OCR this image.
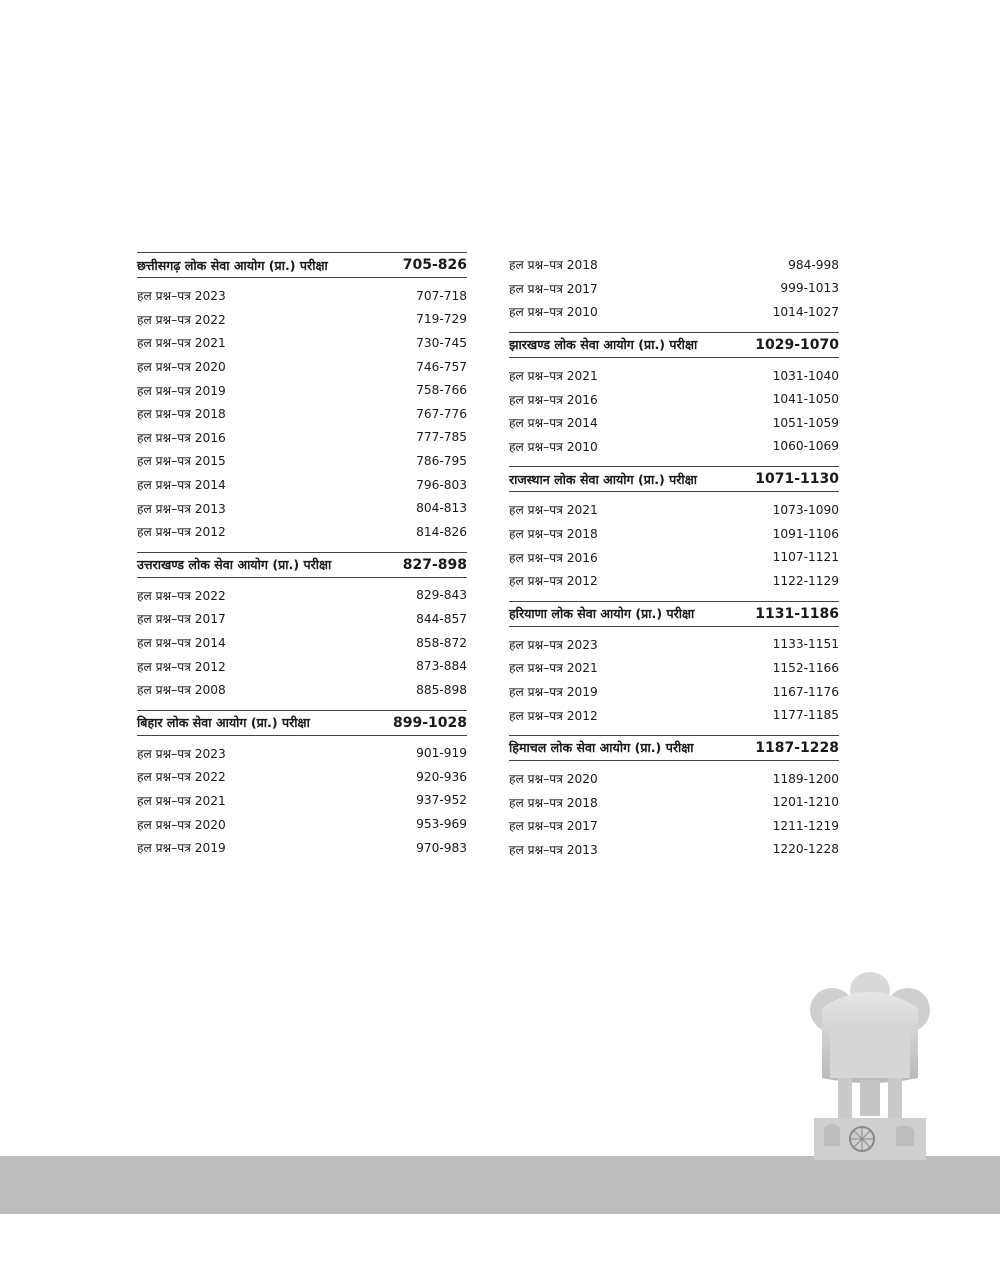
छत्तीसगढ़ लोक सेवा आयोग (प्रा.) परीक्षा	705-826
हल प्रश्न–पत्र 2023	707-718
हल प्रश्न–पत्र 2022	719-729
हल प्रश्न–पत्र 2021	730-745
हल प्रश्न–पत्र 2020	746-757
हल प्रश्न–पत्र 2019	758-766
हल प्रश्न–पत्र 2018	767-776
हल प्रश्न–पत्र 2016	777-785
हल प्रश्न–पत्र 2015	786-795
हल प्रश्न–पत्र 2014	796-803
हल प्रश्न–पत्र 2013	804-813
हल प्रश्न–पत्र 2012	814-826
उत्तराखण्ड लोक सेवा आयोग (प्रा.) परीक्षा	827-898
हल प्रश्न–पत्र 2022	829-843
हल प्रश्न–पत्र 2017	844-857
हल प्रश्न–पत्र 2014	858-872
हल प्रश्न–पत्र 2012	873-884
हल प्रश्न–पत्र 2008	885-898
बिहार लोक सेवा आयोग (प्रा.) परीक्षा	899-1028
हल प्रश्न–पत्र 2023	901-919
हल प्रश्न–पत्र 2022	920-936
हल प्रश्न–पत्र 2021	937-952
हल प्रश्न–पत्र 2020	953-969
हल प्रश्न–पत्र 2019	970-983
हल प्रश्न–पत्र 2018	984-998
हल प्रश्न–पत्र 2017	999-1013
हल प्रश्न–पत्र 2010	1014-1027
झारखण्ड लोक सेवा आयोग (प्रा.) परीक्षा	1029-1070
हल प्रश्न–पत्र 2021	1031-1040
हल प्रश्न–पत्र 2016	1041-1050
हल प्रश्न–पत्र 2014	1051-1059
हल प्रश्न–पत्र 2010	1060-1069
राजस्थान लोक सेवा आयोग (प्रा.) परीक्षा	1071-1130
हल प्रश्न–पत्र 2021	1073-1090
हल प्रश्न–पत्र 2018	1091-1106
हल प्रश्न–पत्र 2016	1107-1121
हल प्रश्न–पत्र 2012	1122-1129
हरियाणा लोक सेवा आयोग (प्रा.) परीक्षा	1131-1186
हल प्रश्न–पत्र 2023	1133-1151
हल प्रश्न–पत्र 2021	1152-1166
हल प्रश्न–पत्र 2019	1167-1176
हल प्रश्न–पत्र 2012	1177-1185
हिमाचल लोक सेवा आयोग (प्रा.) परीक्षा	1187-1228
हल प्रश्न–पत्र 2020	1189-1200
हल प्रश्न–पत्र 2018	1201-1210
हल प्रश्न–पत्र 2017	1211-1219
हल प्रश्न–पत्र 2013	1220-1228
